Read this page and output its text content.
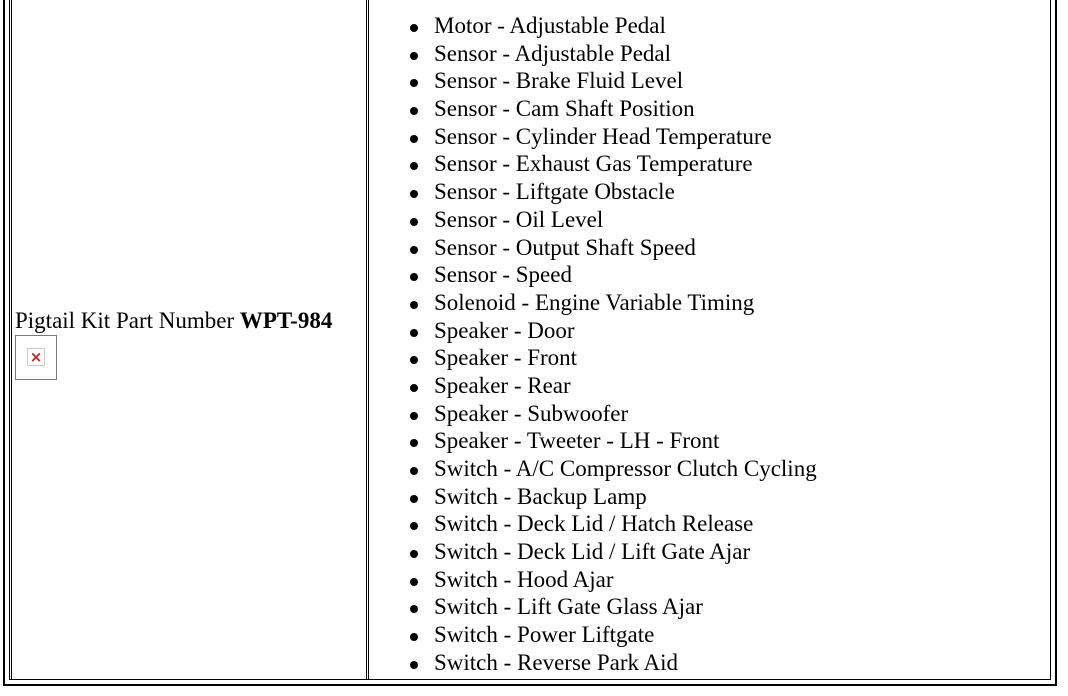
Pigtail Kit Part Number WPT-984
×
Motor - Adjustable Pedal
Sensor - Adjustable Pedal
Sensor - Brake Fluid Level
Sensor - Cam Shaft Position
Sensor - Cylinder Head Temperature
Sensor - Exhaust Gas Temperature
Sensor - Liftgate Obstacle
Sensor - Oil Level
Sensor - Output Shaft Speed
Sensor - Speed
Solenoid - Engine Variable Timing
Speaker - Door
Speaker - Front
Speaker - Rear
Speaker - Subwoofer
Speaker - Tweeter - LH - Front
Switch - A/C Compressor Clutch Cycling
Switch - Backup Lamp
Switch - Deck Lid / Hatch Release
Switch - Deck Lid / Lift Gate Ajar
Switch - Hood Ajar
Switch - Lift Gate Glass Ajar
Switch - Power Liftgate
Switch - Reverse Park Aid
